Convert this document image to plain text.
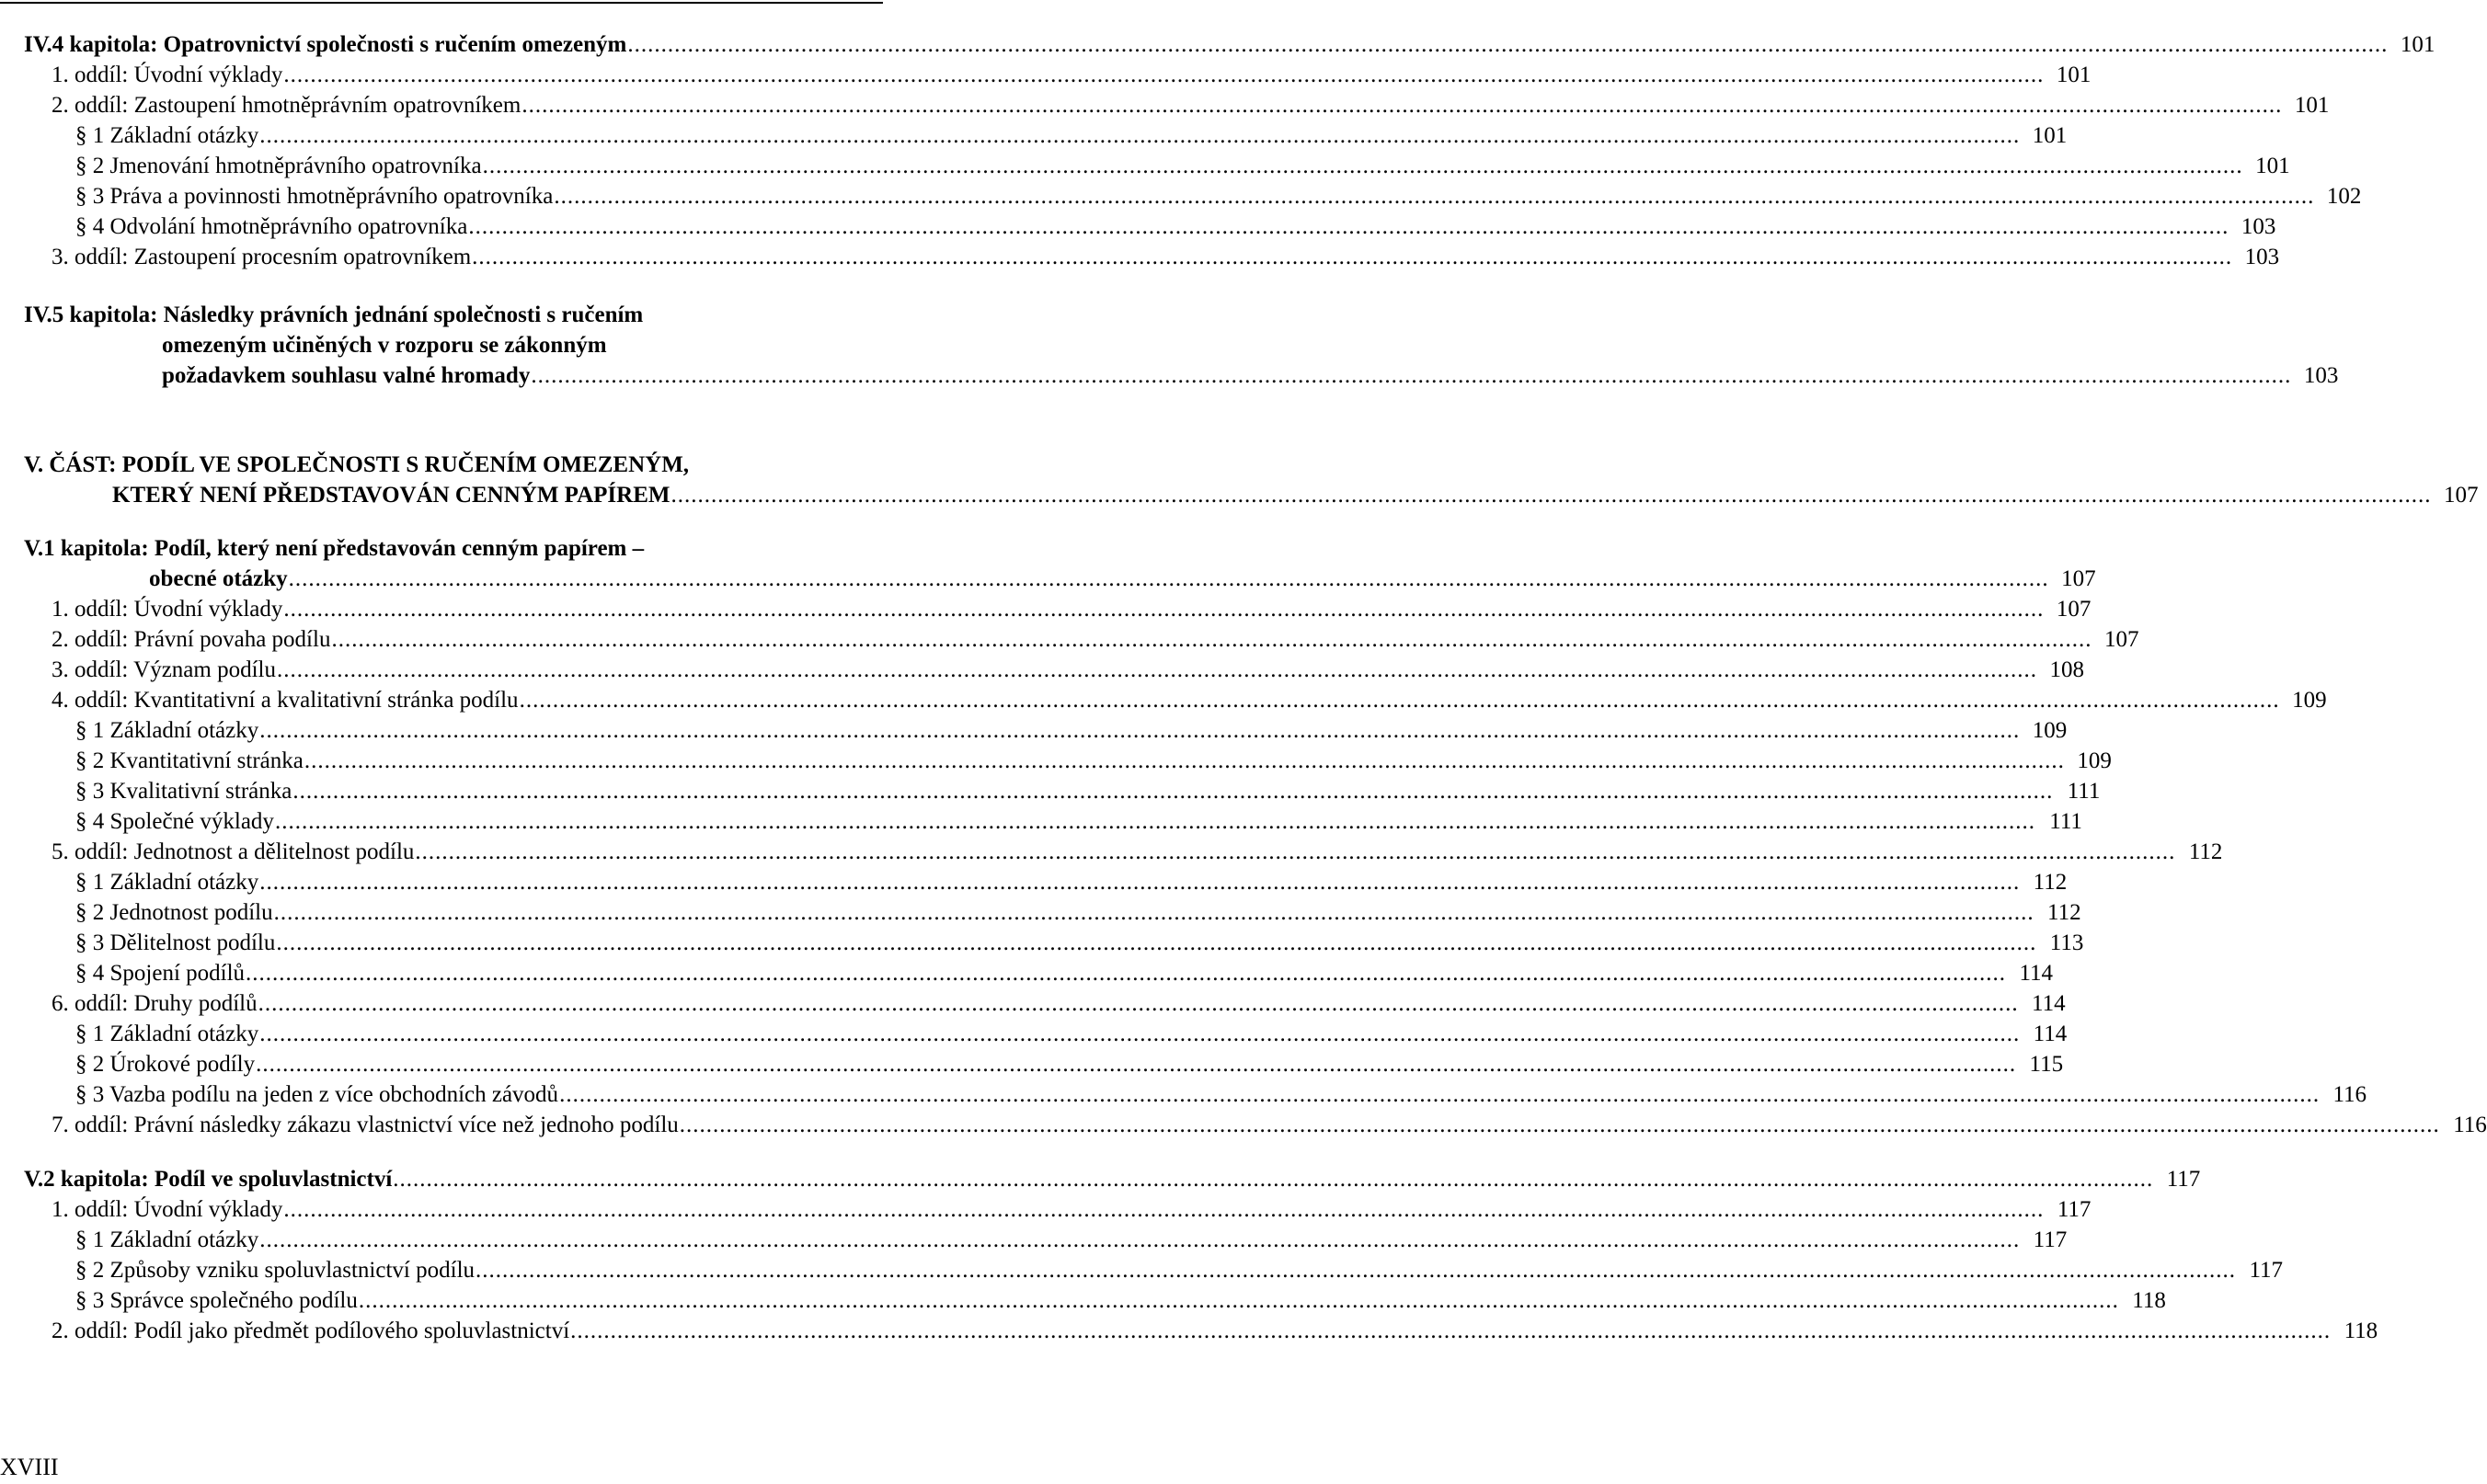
IV.4 kapitola: Opatrovnictví společnosti s ručením omezeným .....	101
1. oddíl: Úvodní výklady .....	101
2. oddíl: Zastoupení hmotněprávním opatrovníkem .....	101
§ 1 Základní otázky .....	101
§ 2 Jmenování hmotněprávního opatrovníka .....	101
§ 3 Práva a povinnosti hmotněprávního opatrovníka .....	102
§ 4 Odvolání hmotněprávního opatrovníka .....	103
3. oddíl: Zastoupení procesním opatrovníkem .....	103
IV.5 kapitola: Následky právních jednání společnosti s ručením
omezeným učiněných v rozporu se zákonným
požadavkem souhlasu valné hromady .....	103
V. ČÁST: PODÍL VE SPOLEČNOSTI S RUČENÍM OMEZENÝM,
KTERÝ NENÍ PŘEDSTAVOVÁN CENNÝM PAPÍREM .....	107
V.1 kapitola: Podíl, který není představován cenným papírem –
obecné otázky .....	107
1. oddíl: Úvodní výklady .....	107
2. oddíl: Právní povaha podílu .....	107
3. oddíl: Význam podílu .....	108
4. oddíl: Kvantitativní a kvalitativní stránka podílu .....	109
§ 1 Základní otázky .....	109
§ 2 Kvantitativní stránka .....	109
§ 3 Kvalitativní stránka .....	111
§ 4 Společné výklady .....	111
5. oddíl: Jednotnost a dělitelnost podílu .....	112
§ 1 Základní otázky .....	112
§ 2 Jednotnost podílu .....	112
§ 3 Dělitelnost podílu .....	113
§ 4 Spojení podílů .....	114
6. oddíl: Druhy podílů .....	114
§ 1 Základní otázky .....	114
§ 2 Úrokové podíly .....	115
§ 3 Vazba podílu na jeden z více obchodních závodů .....	116
7. oddíl: Právní následky zákazu vlastnictví více než jednoho podílu .....	116
V.2 kapitola: Podíl ve spoluvlastnictví .....	117
1. oddíl: Úvodní výklady .....	117
§ 1 Základní otázky .....	117
§ 2 Způsoby vzniku spoluvlastnictví podílu .....	117
§ 3 Správce společného podílu .....	118
2. oddíl: Podíl jako předmět podílového spoluvlastnictví .....	118
XVIII
